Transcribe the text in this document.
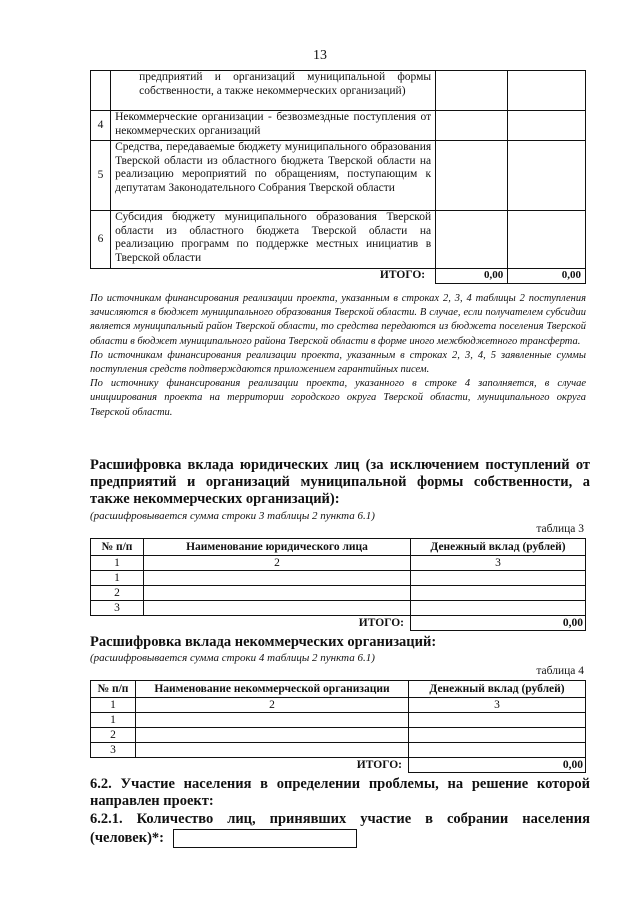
13
	предприятий и организаций муниципальной формы собственности, а также некоммерческих организаций)		
4	Некоммерческие организации - безвозмездные поступления от некоммерческих организаций		
5	Средства, передаваемые бюджету муниципального образования Тверской области из областного бюджета Тверской области на реализацию мероприятий по обращениям, поступающим к депутатам Законодательного Собрания Тверской области		
6	Субсидия бюджету муниципального образования Тверской области из областного бюджета Тверской области на реализацию программ по поддержке местных инициатив в Тверской области		

ИТОГО:		0,00	0,00

По источникам финансирования реализации проекта, указанным в строках 2, 3, 4 таблицы 2 поступления зачисляются в бюджет муниципального образования Тверской области. В случае, если получателем субсидии является муниципальный район Тверской области, то средства передаются из бюджета поселения Тверской области в бюджет муниципального района Тверской области в форме иного межбюджетного трансферта.

По источникам финансирования реализации проекта, указанным в строках 2, 3, 4, 5 заявленные суммы поступления средств подтверждаются приложением гарантийных писем.

По источнику финансирования реализации проекта, указанного в строке 4 заполняется, в случае инициирования проекта на территории городского округа Тверской области, муниципального округа Тверской области.

Расшифровка вклада юридических лиц (за исключением поступлений от предприятий и организаций муниципальной формы собственности, а также некоммерческих организаций):
(расшифровывается сумма строки 3 таблицы 2 пункта 6.1)
таблица 3
№ п/п	Наименование юридического лица	Денежный вклад (рублей)
1	2	3
1		
2		
3		
ИТОГО:		0,00
Расшифровка вклада некоммерческих организаций:
(расшифровывается сумма строки 4 таблицы 2 пункта 6.1)
таблица 4
№ п/п	Наименование некоммерческой организации	Денежный вклад (рублей)
1	2	3
1		
2		
3		
ИТОГО:		0,00
6.2. Участие населения в определении проблемы, на решение которой направлен проект:
6.2.1. Количество лиц, принявших участие в собрании населения (человек)*:
